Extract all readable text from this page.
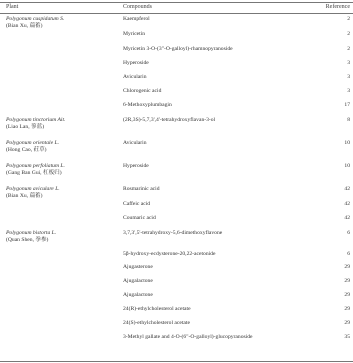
Plant	Compounds	Reference
Polygonum cuspidatum S.
(Bian Xu, 萹蓄)
Kaempferol	2
Myricetin	2
Myricetin 3-O-(3"-O-galloyl)-rhamnopyranoside	2
Hyperoside	3
Avicularin	3
Chlorogenic acid	3
6-Methoxyplumbagin	17
Polygonum tinctorium Ait.
(Liao Lan, 蓼蓝)
(2R,3S)-5,7,3',4'-tetrahydroxyflavan-3-ol	8
Polygonum orientale L.
(Hong Cao, 荭草)
Avicularin	10
Polygonum perfoliatum L.
(Gang Ban Gui, 杠板归)
Hyperoside	10
Polygonum aviculare L.
(Bian Xu, 萹蓄)
Rosmarinic acid	42
Caffeic acid	42
Coumaric acid	42
Polygonum bistorta L.
(Quan Shen, 拳参)
3,7,3',5'-tetrahydroxy-5,6-dimethoxyflavone	6
5β-hydroxy-ecdysterone-20,22-acetonide	6
Ajugasterone	29
Ajugalactone	29
Ajugalactone	29
24(R)-ethylcholesterol acetate	29
24(S)-ethylcholesterol acetate	29
3-Methyl gallate and 4-O-(6"-O-galloyl)-glucopyranoside	35
